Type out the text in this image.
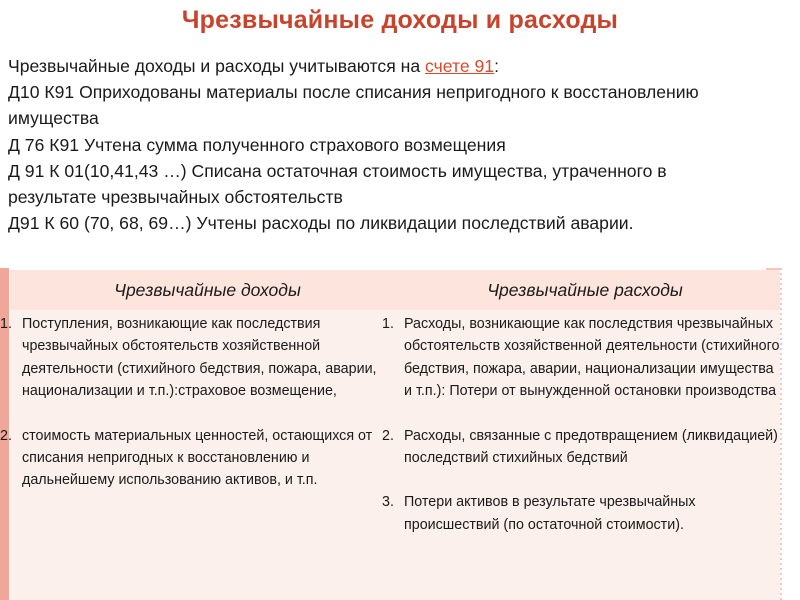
Чрезвычайные доходы и расходы

Чрезвычайные доходы и расходы учитываются на счете 91:

Д10 К91 Оприходованы материалы после списания непригодного к восстановлению имущества

Д 76 К91 Учтена сумма полученного страхового возмещения

Д 91 К 01(10,41,43 …) Списана остаточная стоимость имущества, утраченного в результате чрезвычайных обстоятельств

Д91 К 60 (70, 68, 69…) Учтены расходы по ликвидации последствий аварии.

Чрезвычайные доходы	Чрезвычайные расходы
1. Поступления, возникающие как последствия чрезвычайных обстоятельств хозяйственной деятельности (стихийного бедствия, пожара, аварии, национализации и т.п.):страховое возмещение,
2. стоимость материальных ценностей, остающихся от списания непригодных к восстановлению и дальнейшему использованию активов, и т.п.
1. Расходы, возникающие как последствия чрезвычайных обстоятельств хозяйственной деятельности (стихийного бедствия, пожара, аварии, национализации имущества и т.п.): Потери от вынужденной остановки производства
2. Расходы, связанные с предотвращением (ликвидацией) последствий стихийных бедствий
3. Потери активов в результате чрезвычайных происшествий (по остаточной стоимости).
